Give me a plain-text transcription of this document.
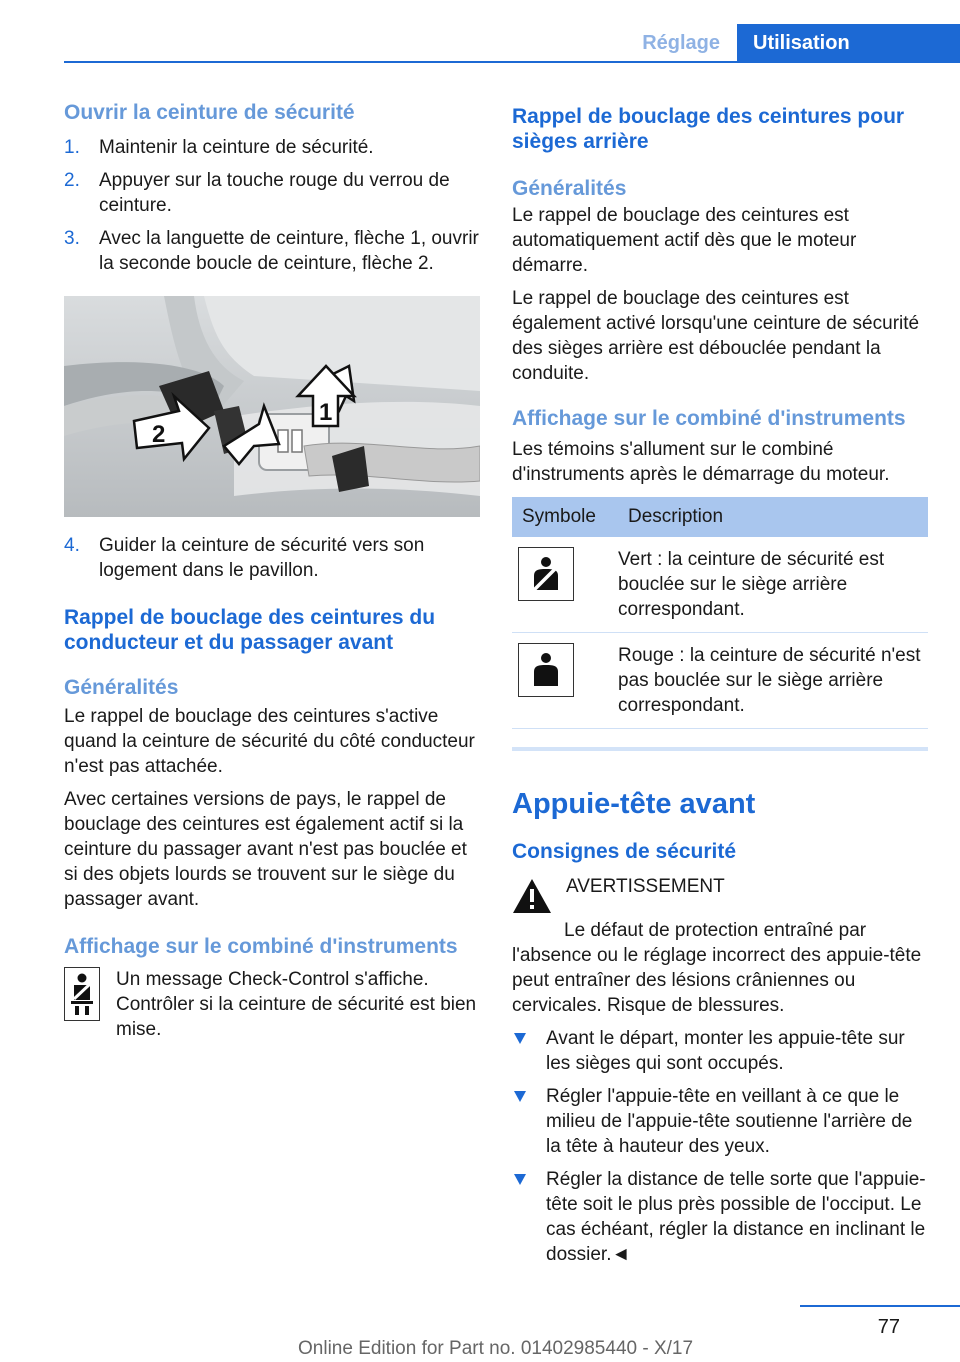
Réglage	Utilisation
Ouvrir la ceinture de sécurité
1. Maintenir la ceinture de sécurité.
2. Appuyer sur la touche rouge du verrou de ceinture.
3. Avec la languette de ceinture, flèche 1, ouvrir la seconde boucle de ceinture, flèche 2.
2
1
4. Guider la ceinture de sécurité vers son logement dans le pavillon.
Rappel de bouclage des ceintures du conducteur et du passager avant
Généralités

Le rappel de bouclage des ceintures s'active quand la ceinture de sécurité du côté conducteur n'est pas attachée.

Avec certaines versions de pays, le rappel de bouclage des ceintures est également actif si la ceinture du passager avant n'est pas bouclée et si des objets lourds se trouvent sur le siège du passager avant.

Affichage sur le combiné d'instruments

Un message Check-Control s'affiche. Contrôler si la ceinture de sécurité est bien mise.

Rappel de bouclage des ceintures pour sièges arrière
Généralités

Le rappel de bouclage des ceintures est automatiquement actif dès que le moteur démarre.

Le rappel de bouclage des ceintures est également activé lorsqu'une ceinture de sécurité des sièges arrière est débouclée pendant la conduite.

Affichage sur le combiné d'instruments

Les témoins s'allument sur le combiné d'instruments après le démarrage du moteur.

Symbole	Description

	Vert : la ceinture de sécurité est bouclée sur le siège arrière correspondant.

	Rouge : la ceinture de sécurité n'est pas bouclée sur le siège arrière correspondant.
Appuie-tête avant
Consignes de sécurité

AVERTISSEMENT

Le défaut de protection entraîné par l'absence ou le réglage incorrect des appuie-tête peut entraîner des lésions crâniennes ou cervicales. Risque de blessures.

Avant le départ, monter les appuie-tête sur les sièges qui sont occupés.
Régler l'appuie-tête en veillant à ce que le milieu de l'appuie-tête soutienne l'arrière de la tête à hauteur des yeux.
Régler la distance de telle sorte que l'appuie-tête soit le plus près possible de l'occiput. Le cas échéant, régler la distance en inclinant le dossier.◄
77
Online Edition for Part no. 01402985440 - X/17
